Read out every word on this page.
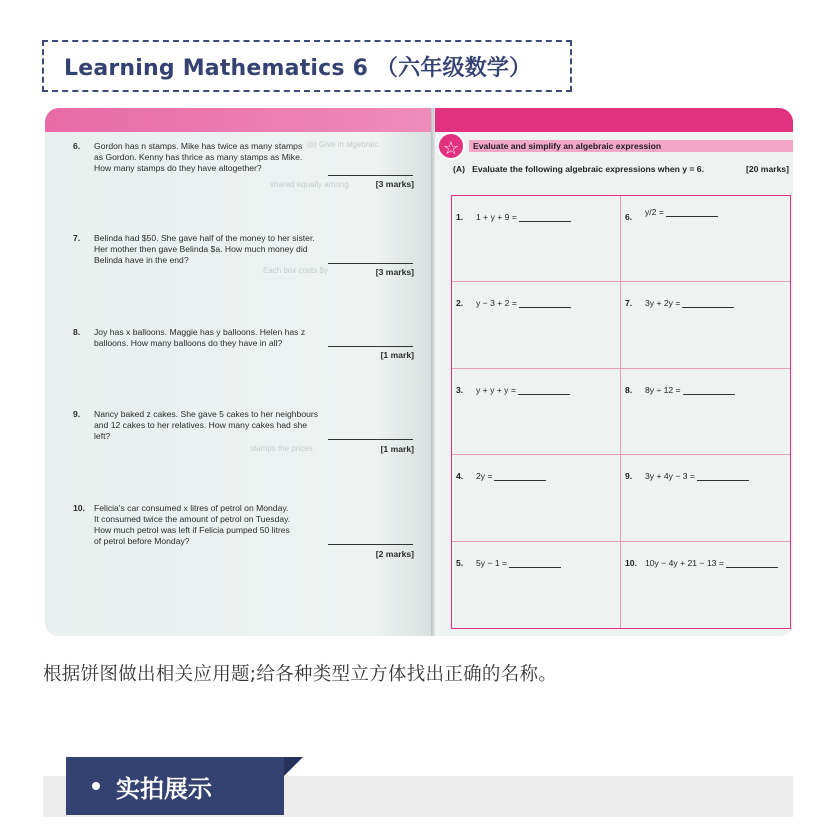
Learning Mathematics 6 （六年级数学）
(b) Give in algebraic
shared equally among
Each box costs $y
stamps the prices
6. Gordon has n stamps. Mike has twice as many stamps
as Gordon. Kenny has thrice as many stamps as Mike.
How many stamps do they have altogether?
[3 marks]
7. Belinda had $50. She gave half of the money to her sister.
Her mother then gave Belinda $a. How much money did
Belinda have in the end?
[3 marks]
8. Joy has x balloons. Maggie has y balloons. Helen has z
balloons. How many balloons do they have in all?
[1 mark]
9. Nancy baked z cakes. She gave 5 cakes to her neighbours
and 12 cakes to her relatives. How many cakes had she
left?
[1 mark]
10. Felicia's car consumed x litres of petrol on Monday.
It consumed twice the amount of petrol on Tuesday.
How much petrol was left if Felicia pumped 50 litres
of petrol before Monday?
[2 marks]
☆	Evaluate and simplify an algebraic expression
(A) Evaluate the following algebraic expressions when y = 6.	[20 marks]
1. 1 + y + 9 =	6. y/2 =
2. y − 3 + 2 =	7. 3y + 2y =
3. y + y + y =	8. 8y ÷ 12 =
4. 2y =	9. 3y + 4y − 3 =
5. 5y − 1 =	10. 10y − 4y + 21 − 13 =
根据饼图做出相关应用题;给各种类型立方体找出正确的名称。
实拍展示
